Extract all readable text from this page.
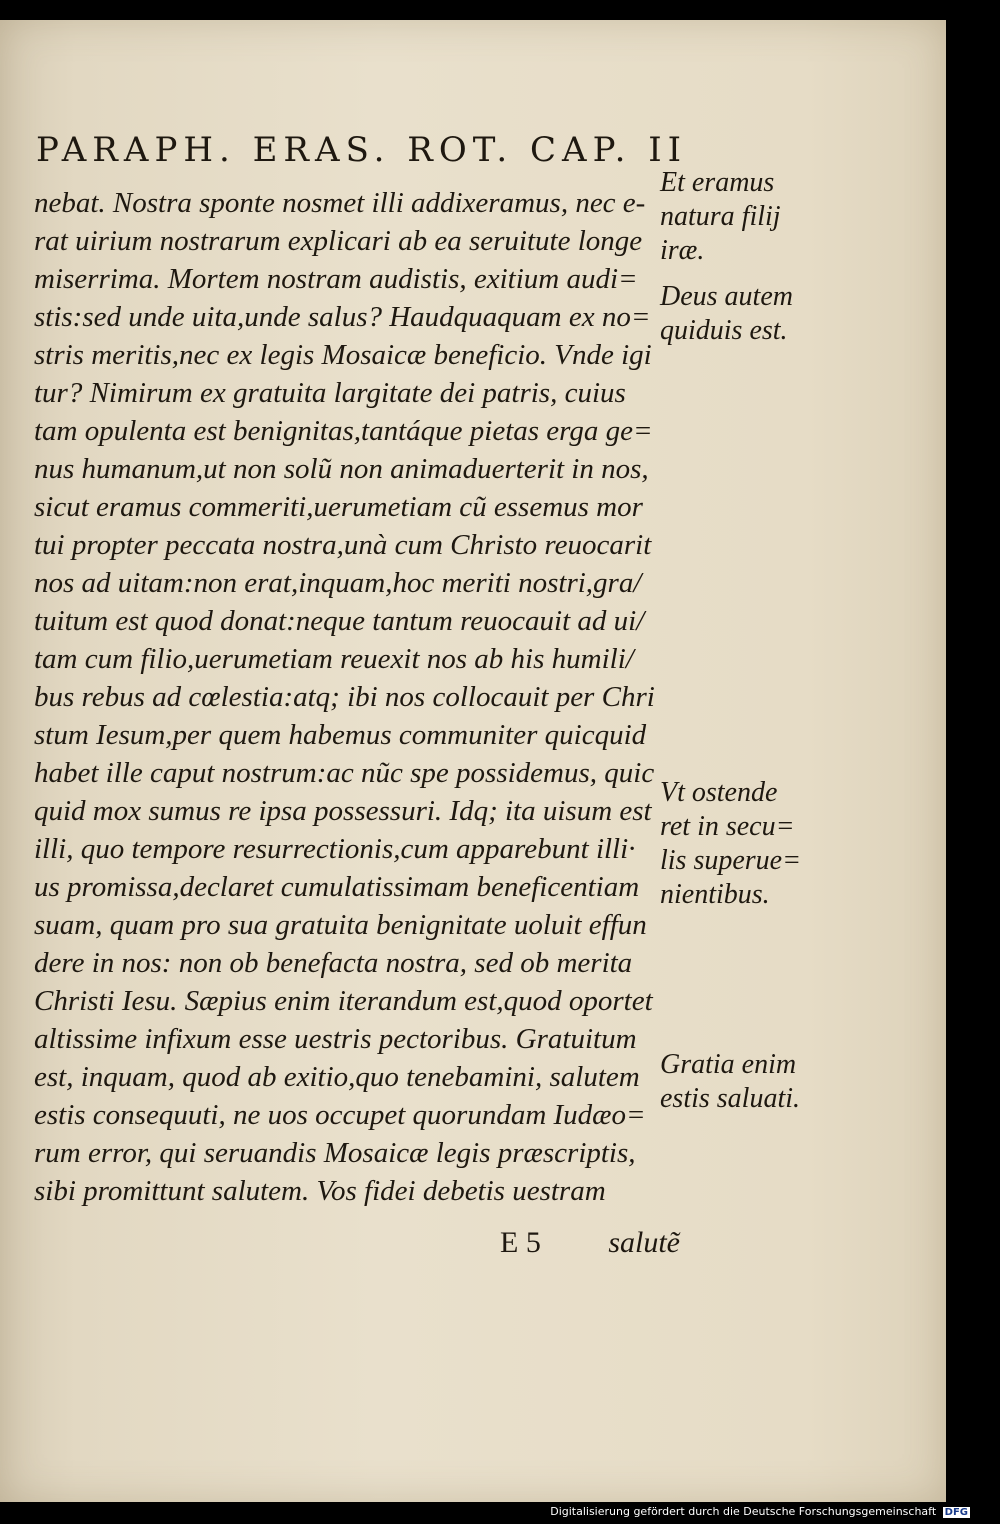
PARAPH. ERAS. ROT. CAP. II
nebat. Nostra sponte nosmet illi addixeramus, nec e-
rat uirium nostrarum explicari ab ea seruitute longe
miserrima. Mortem nostram audistis, exitium audi=
stis:sed unde uita,unde salus? Haudquaquam ex no=
stris meritis,nec ex legis Mosaicæ beneficio. Vnde igi
tur? Nimirum ex gratuita largitate dei patris, cuius
tam opulenta est benignitas,tantáque pietas erga ge=
nus humanum,ut non solũ non animaduerterit in nos,
sicut eramus commeriti,uerumetiam cũ essemus mor
tui propter peccata nostra,unà cum Christo reuocarit
nos ad uitam:non erat,inquam,hoc meriti nostri,gra/
tuitum est quod donat:neque tantum reuocauit ad ui/
tam cum filio,uerumetiam reuexit nos ab his humili/
bus rebus ad cœlestia:atq; ibi nos collocauit per Chri
stum Iesum,per quem habemus communiter quicquid
habet ille caput nostrum:ac nũc spe possidemus, quic
quid mox sumus re ipsa possessuri. Idq; ita uisum est
illi, quo tempore resurrectionis,cum apparebunt illi·
us promissa,declaret cumulatissimam beneficentiam
suam, quam pro sua gratuita benignitate uoluit effun
dere in nos: non ob benefacta nostra, sed ob merita
Christi Iesu. Sæpius enim iterandum est,quod oportet
altissime infixum esse uestris pectoribus. Gratuitum
est, inquam, quod ab exitio,quo tenebamini, salutem
estis consequuti, ne uos occupet quorundam Iudæo=
rum error, qui seruandis Mosaicæ legis præscriptis,
sibi promittunt salutem. Vos fidei debetis uestram
Et eramus
natura filij
iræ.
Deus autem
quiduis est.
Vt ostende
ret in secu=
lis superue=
nientibus.
Gratia enim
estis saluati.
E 5 salutẽ
Digitalisierung gefördert durch die Deutsche Forschungsgemeinschaft DFG
